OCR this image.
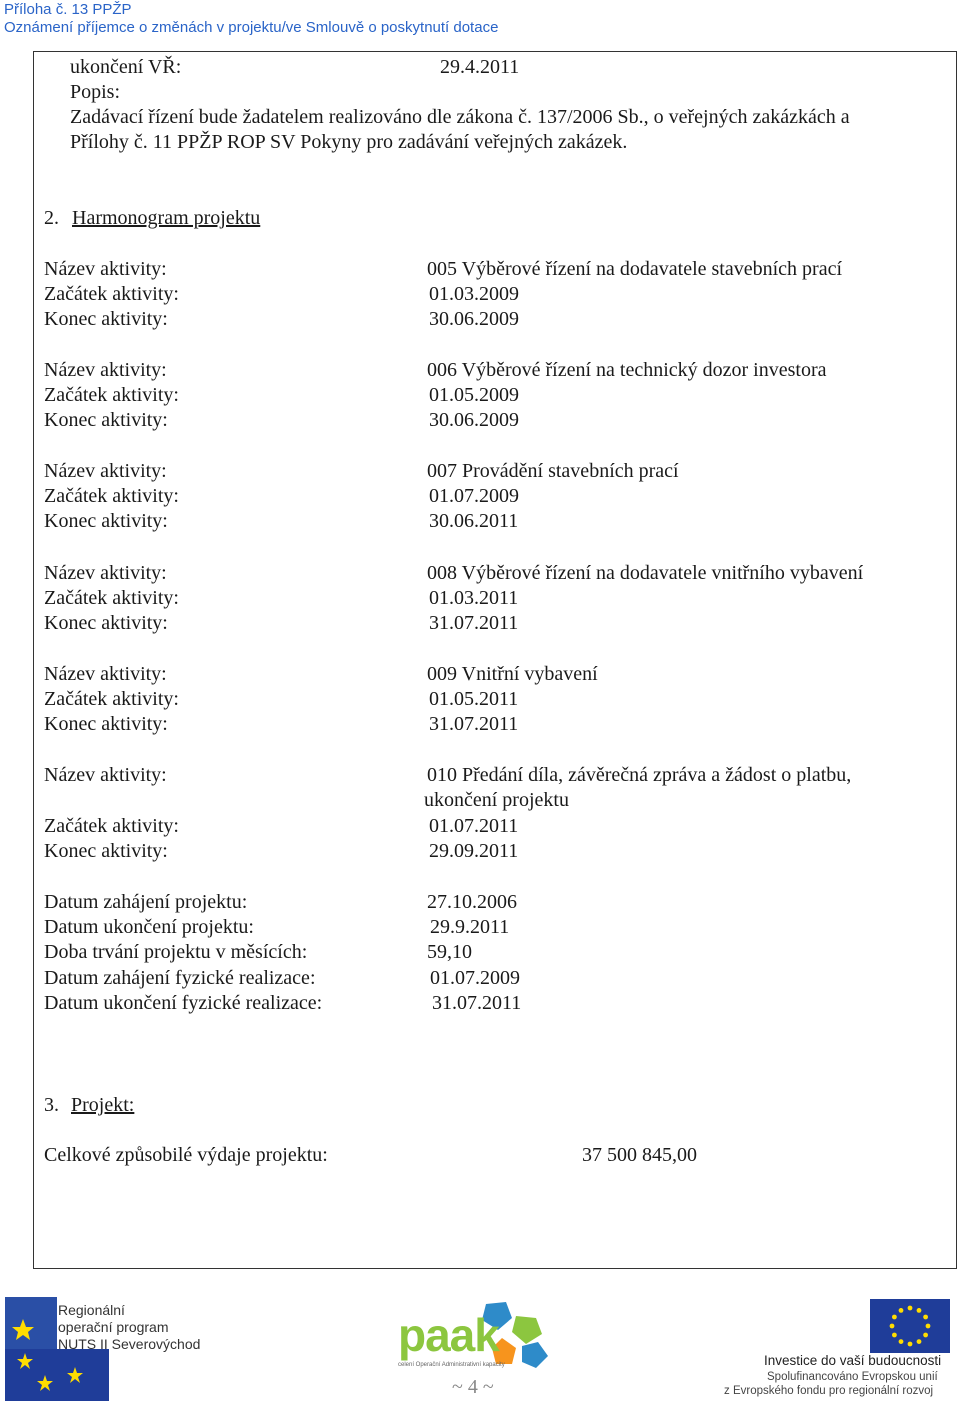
Příloha č. 13 PPŽP
Oznámení příjemce o změnách v projektu/ve Smlouvě o poskytnutí dotace
ukončení VŘ:	29.4.2011
Popis:
Zadávací řízení bude žadatelem realizováno dle zákona č. 137/2006 Sb., o veřejných zakázkách a
Přílohy č. 11 PPŽP ROP SV Pokyny pro zadávání veřejných zakázek.
2. Harmonogram projektu
Název aktivity:	005 Výběrové řízení na dodavatele stavebních prací
Začátek aktivity:	01.03.2009
Konec aktivity:	30.06.2009
Název aktivity:	006 Výběrové řízení na technický dozor investora
Začátek aktivity:	01.05.2009
Konec aktivity:	30.06.2009
Název aktivity:	007 Provádění stavebních prací
Začátek aktivity:	01.07.2009
Konec aktivity:	30.06.2011
Název aktivity:	008 Výběrové řízení na dodavatele vnitřního vybavení
Začátek aktivity:	01.03.2011
Konec aktivity:	31.07.2011
Název aktivity:	009 Vnitřní vybavení
Začátek aktivity:	01.05.2011
Konec aktivity:	31.07.2011
Název aktivity:	010 Předání díla, závěrečná zpráva a žádost o platbu,
ukončení projektu
Začátek aktivity:	01.07.2011
Konec aktivity:	29.09.2011
Datum zahájení projektu:	27.10.2006
Datum ukončení projektu:	29.9.2011
Doba trvání projektu v měsících:	59,10
Datum zahájení fyzické realizace:	01.07.2009
Datum ukončení fyzické realizace:	31.07.2011
3. Projekt:
Celkové způsobilé výdaje projektu:	37 500 845,00
Regionální
operační program
NUTS II Severovýchod	paak
celení Operační Administrativní kapacity
~ 4 ~
Investice do vaší budoucnosti
Spolufinancováno Evropskou unií
z Evropského fondu pro regionální rozvoj
